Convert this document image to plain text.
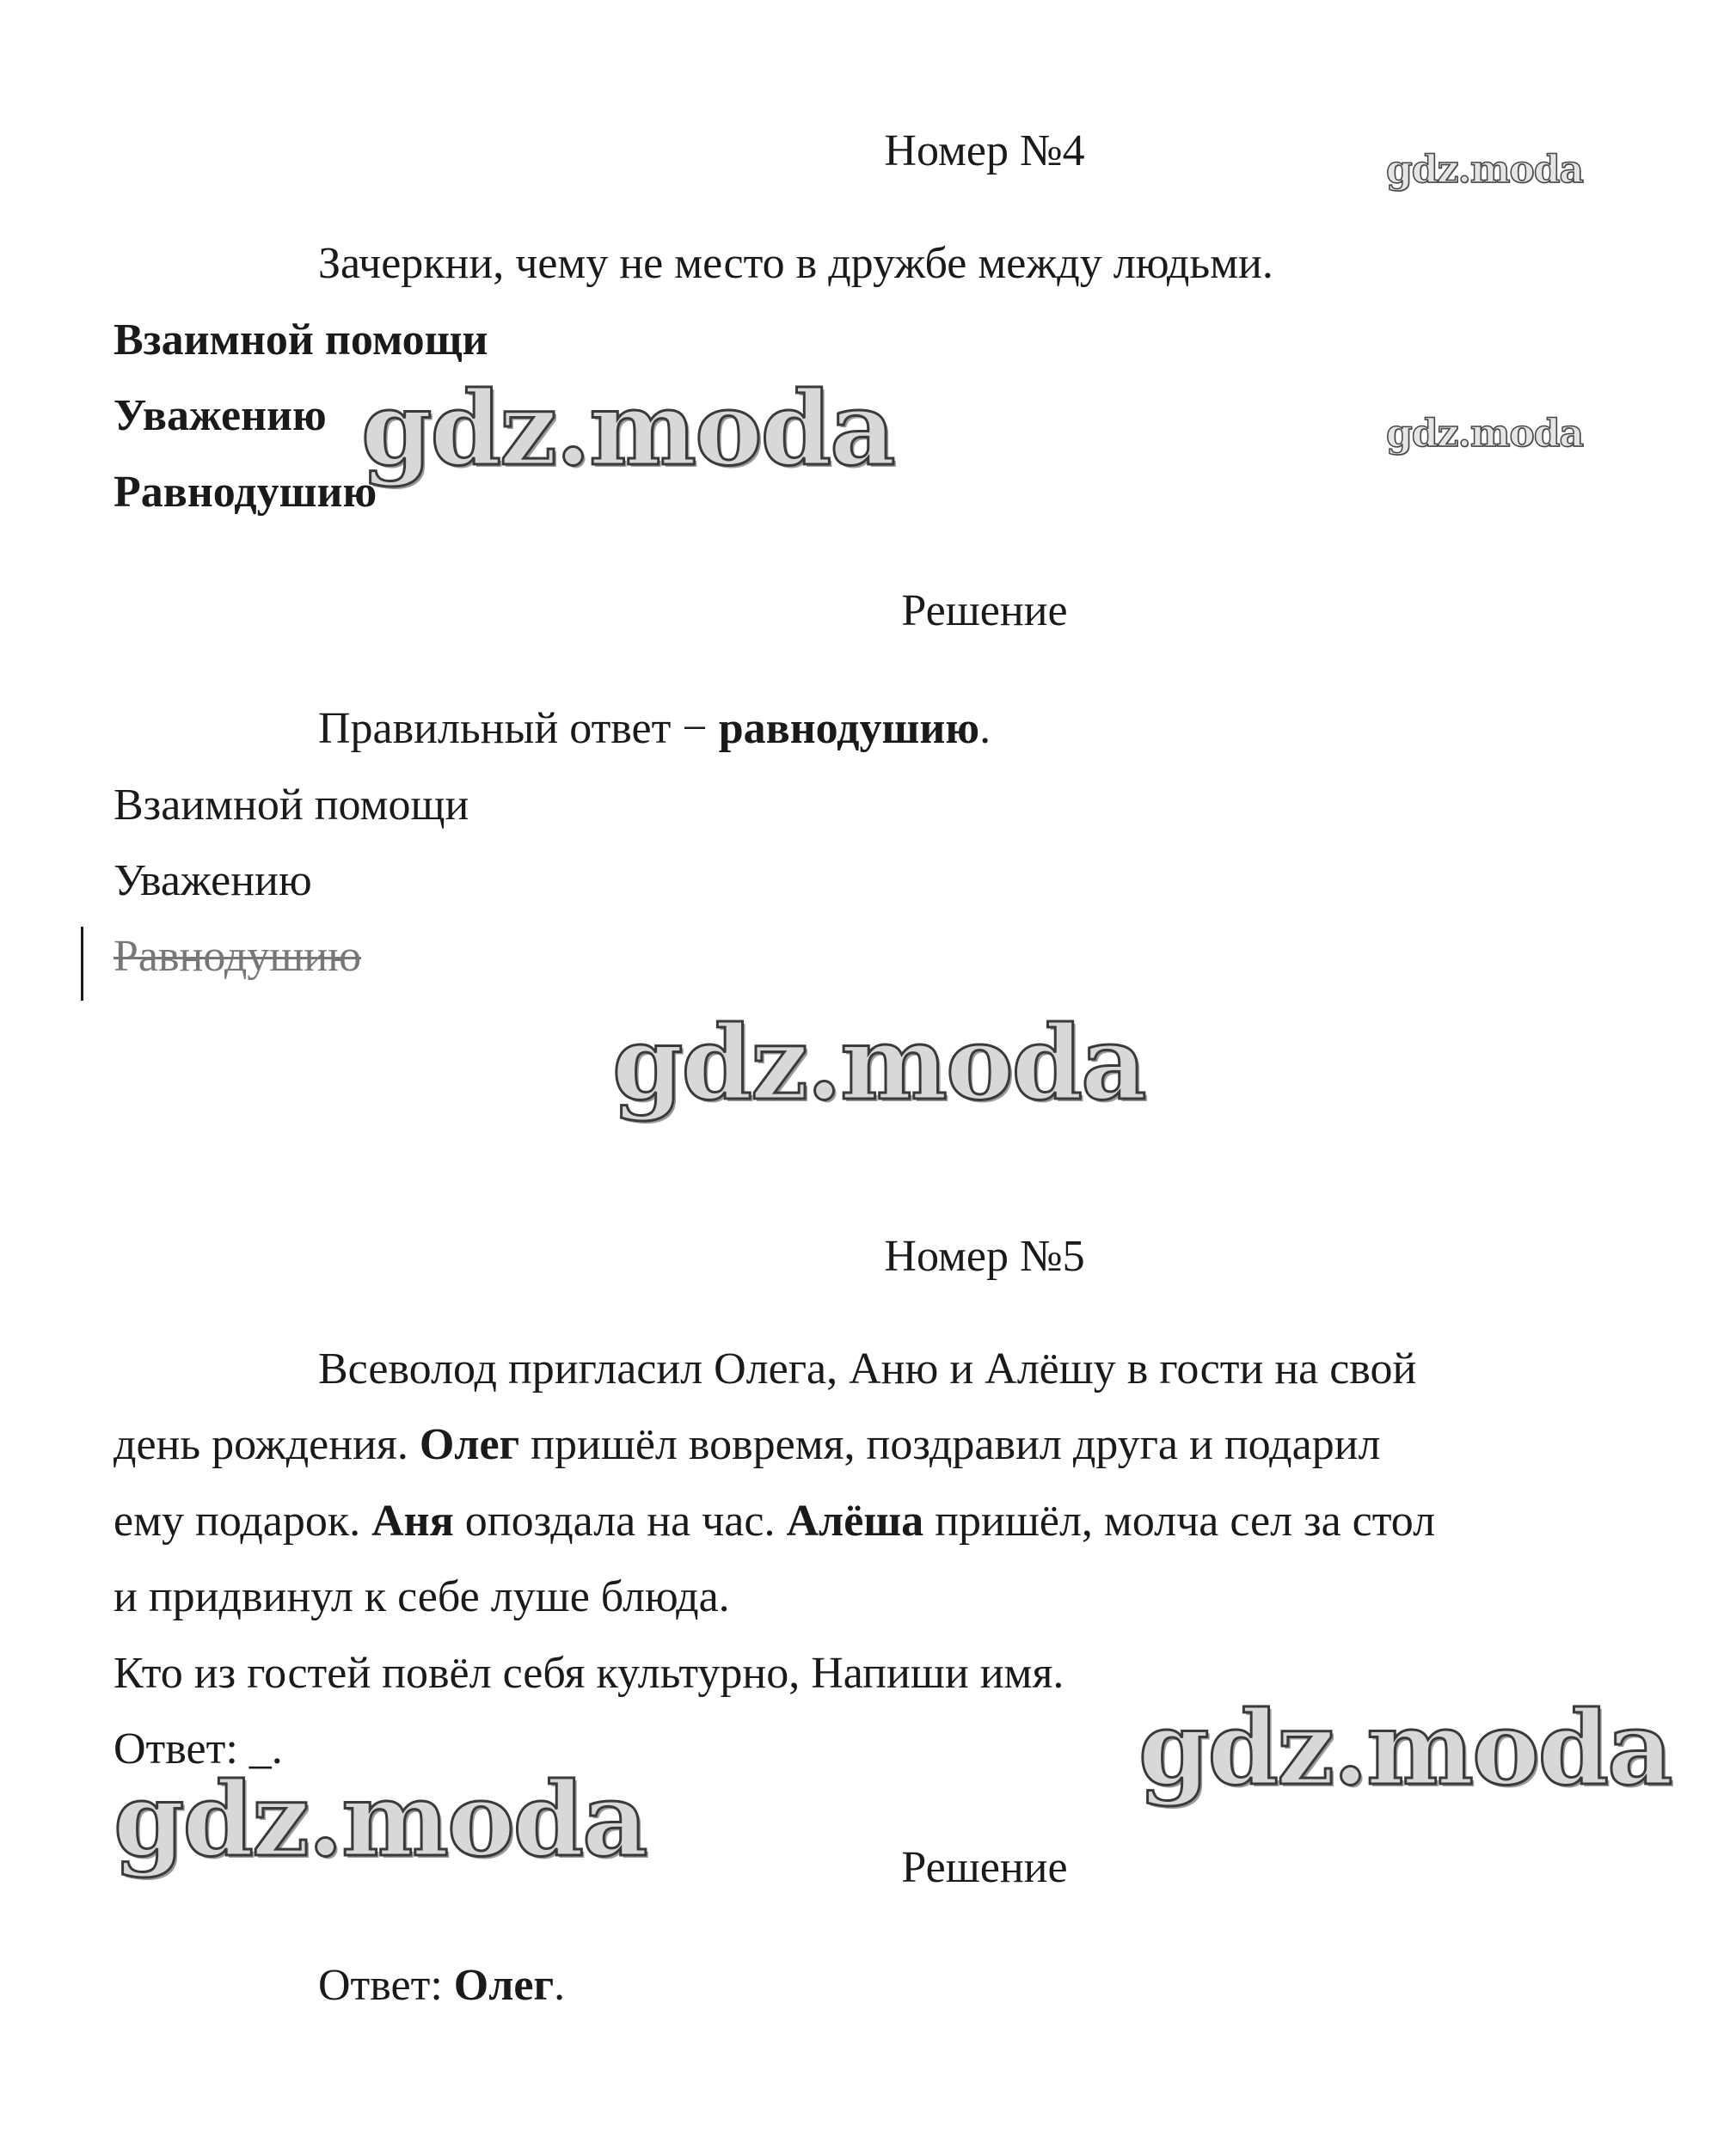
Номер №4
Зачеркни, чему не место в дружбе между людьми.
Взаимной помощи
Уважению
Равнодушию
Решение
Правильный ответ − равнодушию.
Взаимной помощи
Уважению
Равнодушию
Номер №5
Всеволод пригласил Олега, Аню и Алёшу в гости на свой
день рождения. Олег пришёл вовремя, поздравил друга и подарил
ему подарок. Аня опоздала на час. Алёша пришёл, молча сел за стол
и придвинул к себе луше блюда.
Кто из гостей повёл себя культурно, Напиши имя.
Ответ: _.
Решение
Ответ: Олег.
gdz.moda
gdz.moda
gdz.moda
gdz.moda
gdz.moda
gdz.moda
